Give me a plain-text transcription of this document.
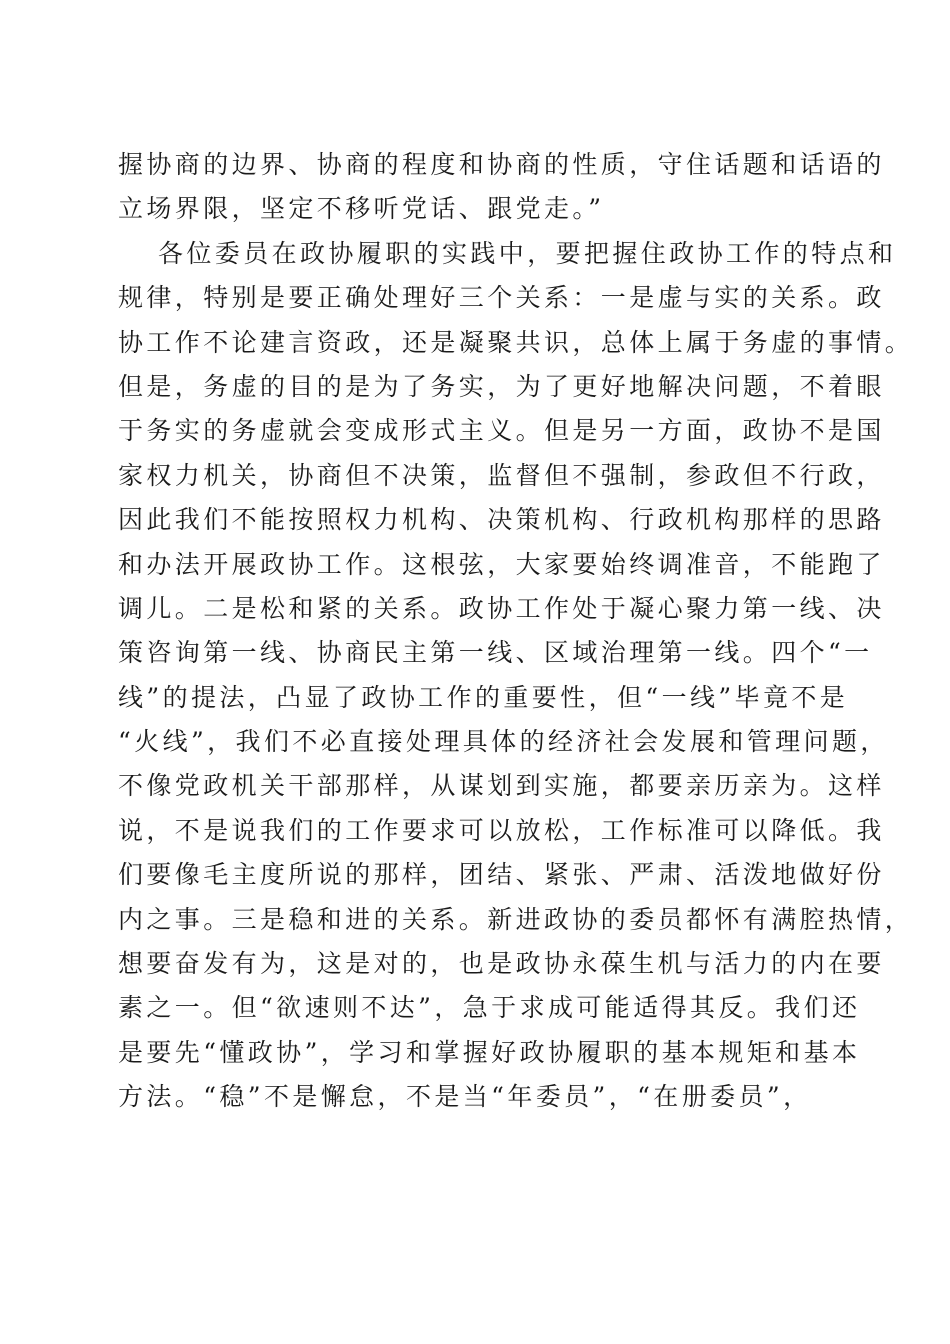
握协商的边界、协商的程度和协商的性质，守住话题和话语的
立场界限，坚定不移听党话、跟党走。”
各位委员在政协履职的实践中，要把握住政协工作的特点和
规律，特别是要正确处理好三个关系：一是虚与实的关系。政
协工作不论建言资政，还是凝聚共识，总体上属于务虚的事情。
但是，务虚的目的是为了务实，为了更好地解决问题，不着眼
于务实的务虚就会变成形式主义。但是另一方面，政协不是国
家权力机关，协商但不决策，监督但不强制，参政但不行政，
因此我们不能按照权力机构、决策机构、行政机构那样的思路
和办法开展政协工作。这根弦，大家要始终调准音，不能跑了
调儿。二是松和紧的关系。政协工作处于凝心聚力第一线、决
策咨询第一线、协商民主第一线、区域治理第一线。四个“一
线”的提法，凸显了政协工作的重要性，但“一线”毕竟不是
“火线”，我们不必直接处理具体的经济社会发展和管理问题，
不像党政机关干部那样，从谋划到实施，都要亲历亲为。这样
说，不是说我们的工作要求可以放松，工作标准可以降低。我
们要像毛主度所说的那样，团结、紧张、严肃、活泼地做好份
内之事。三是稳和进的关系。新进政协的委员都怀有满腔热情，
想要奋发有为，这是对的，也是政协永葆生机与活力的内在要
素之一。但“欲速则不达”，急于求成可能适得其反。我们还
是要先“懂政协”，学习和掌握好政协履职的基本规矩和基本
方法。“稳”不是懈怠，不是当“年委员”，“在册委员”，
